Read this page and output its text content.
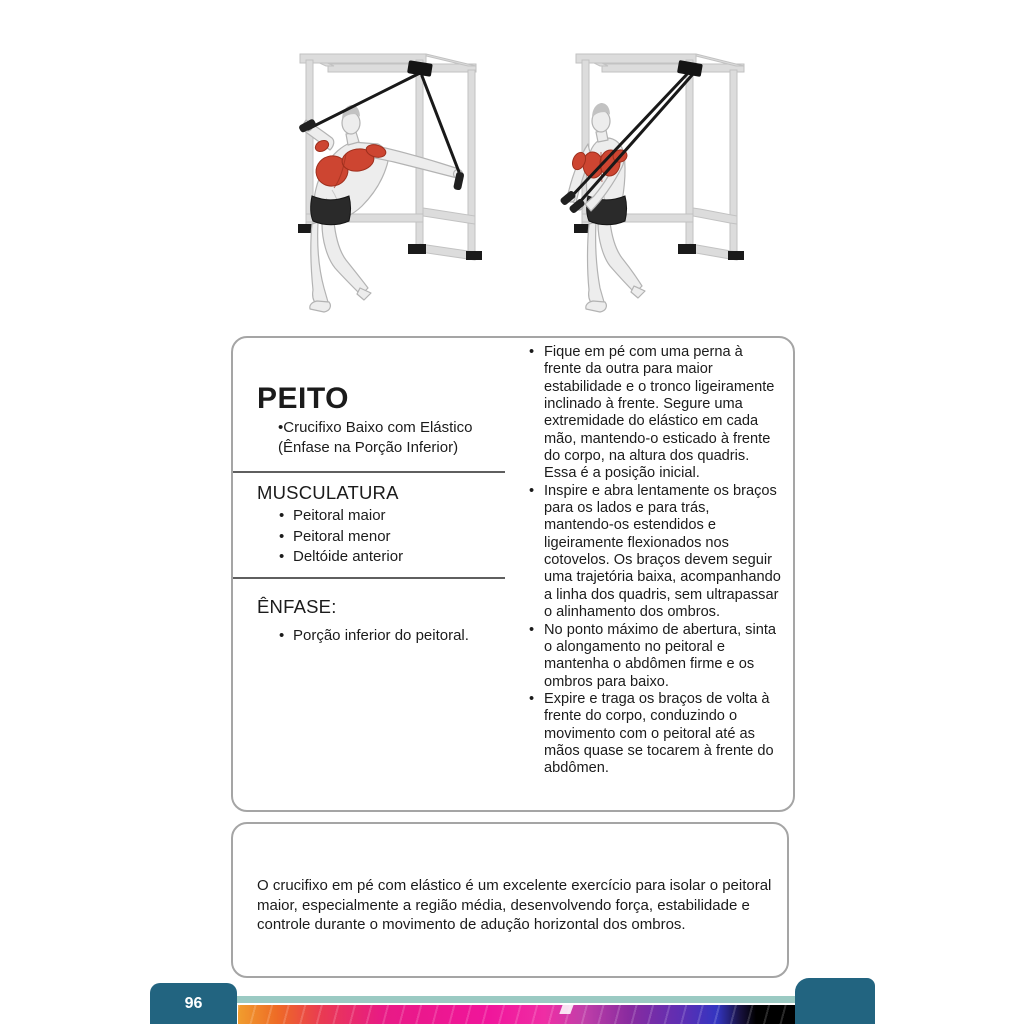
PEITO
•Crucifixo Baixo com Elástico
(Ênfase na Porção Inferior)
MUSCULATURA
• Peitoral maior
• Peitoral menor
• Deltóide anterior
ÊNFASE:
• Porção inferior do peitoral.
• Fique em pé com uma perna à frente da outra para maior estabilidade e o tronco ligeiramente inclinado à frente. Segure uma extremidade do elástico em cada mão, mantendo-o esticado à frente do corpo, na altura dos quadris. Essa é a posição inicial.
• Inspire e abra lentamente os braços para os lados e para trás, mantendo-os estendidos e ligeiramente flexionados nos cotovelos. Os braços devem seguir uma trajetória baixa, acompanhando a linha dos quadris, sem ultrapassar o alinhamento dos ombros.
• No ponto máximo de abertura, sinta o alongamento no peitoral e mantenha o abdômen firme e os ombros para baixo.
• Expire e traga os braços de volta à frente do corpo, conduzindo o movimento com o peitoral até as mãos quase se tocarem à frente do abdômen.

O crucifixo em pé com elástico é um excelente exercício para isolar o peitoral maior, especialmente a região média, desenvolvendo força, estabilidade e controle durante o movimento de adução horizontal dos ombros.

96
